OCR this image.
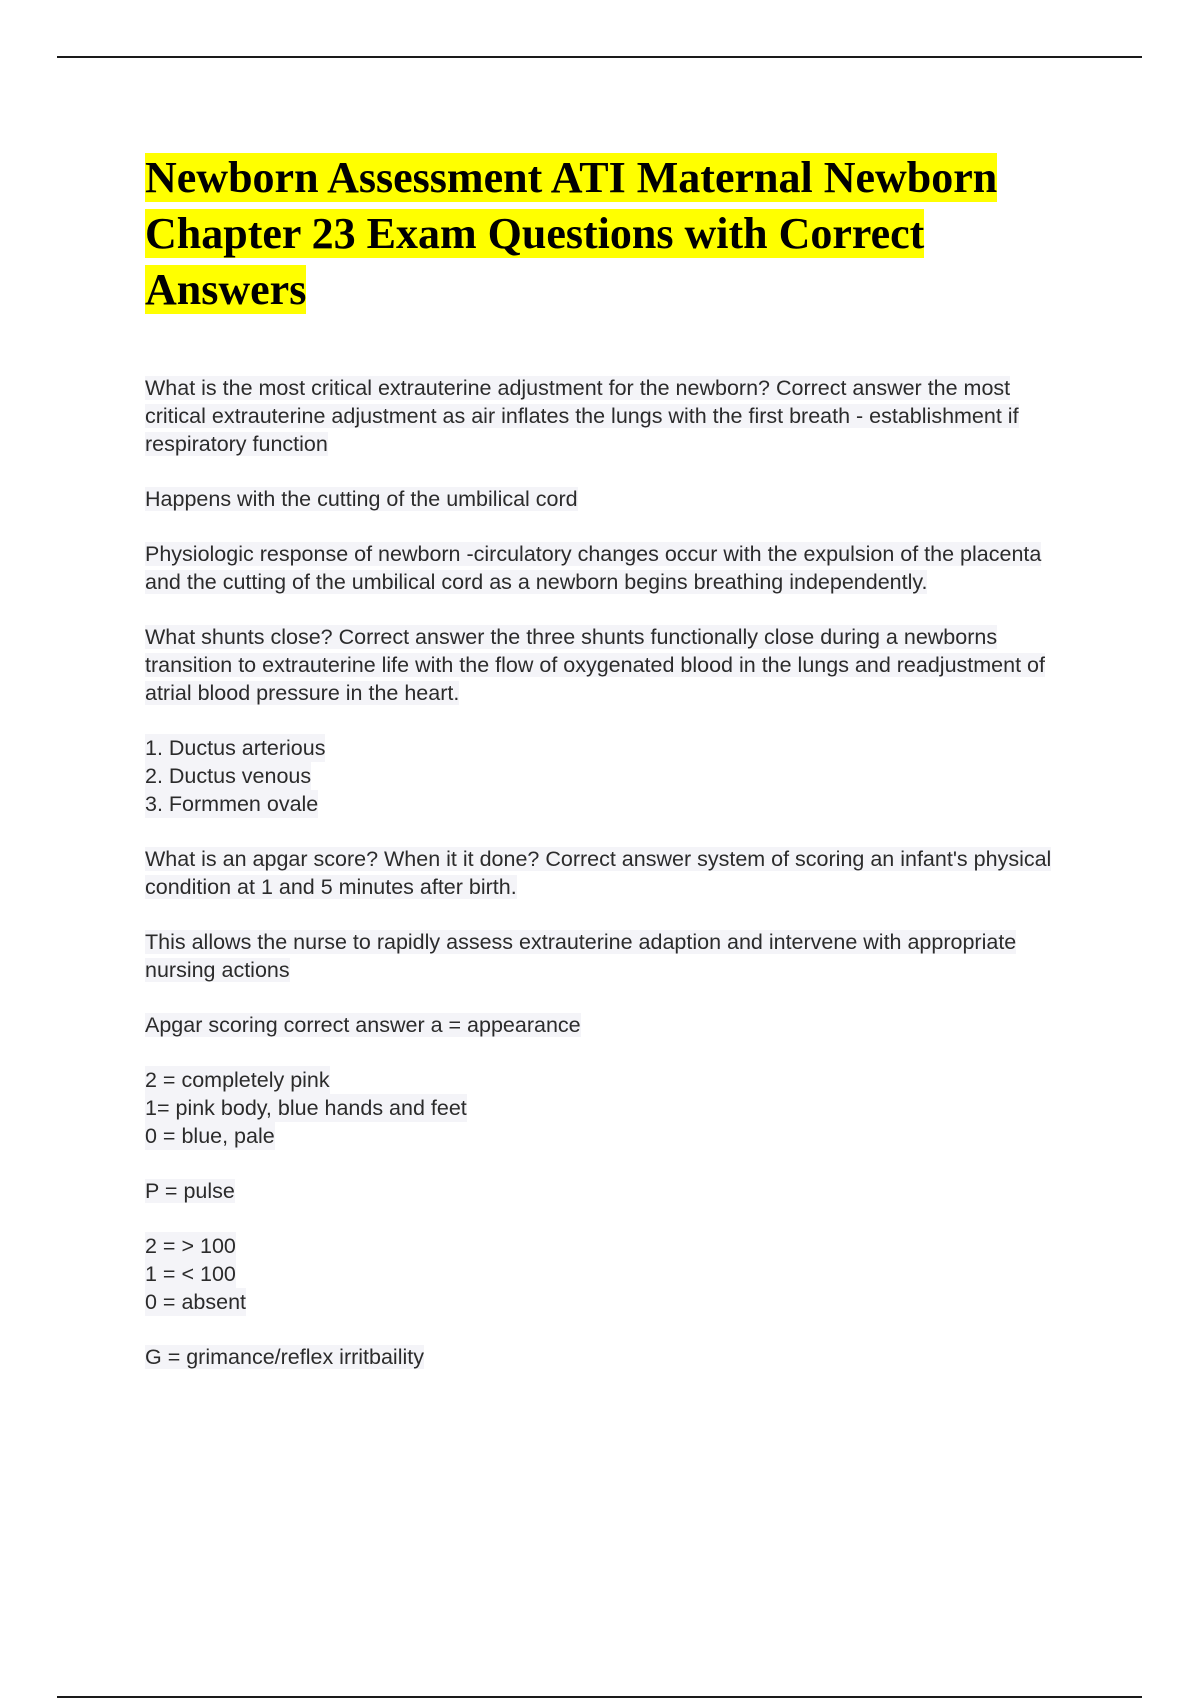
Newborn Assessment ATI Maternal Newborn Chapter 23 Exam Questions with Correct Answers

What is the most critical extrauterine adjustment for the newborn? Correct answer the most critical extrauterine adjustment as air inflates the lungs with the first breath - establishment if respiratory function

Happens with the cutting of the umbilical cord

Physiologic response of newborn -circulatory changes occur with the expulsion of the placenta and the cutting of the umbilical cord as a newborn begins breathing independently.

What shunts close? Correct answer the three shunts functionally close during a newborns transition to extrauterine life with the flow of oxygenated blood in the lungs and readjustment of atrial blood pressure in the heart.

1. Ductus arterious
2. Ductus venous
3. Formmen ovale

What is an apgar score? When it it done? Correct answer system of scoring an infant's physical condition at 1 and 5 minutes after birth.

This allows the nurse to rapidly assess extrauterine adaption and intervene with appropriate nursing actions

Apgar scoring correct answer a = appearance

2 = completely pink
1= pink body, blue hands and feet
0 = blue, pale

P = pulse

2 = > 100
1 = < 100
0 = absent

G = grimance/reflex irritbaility
